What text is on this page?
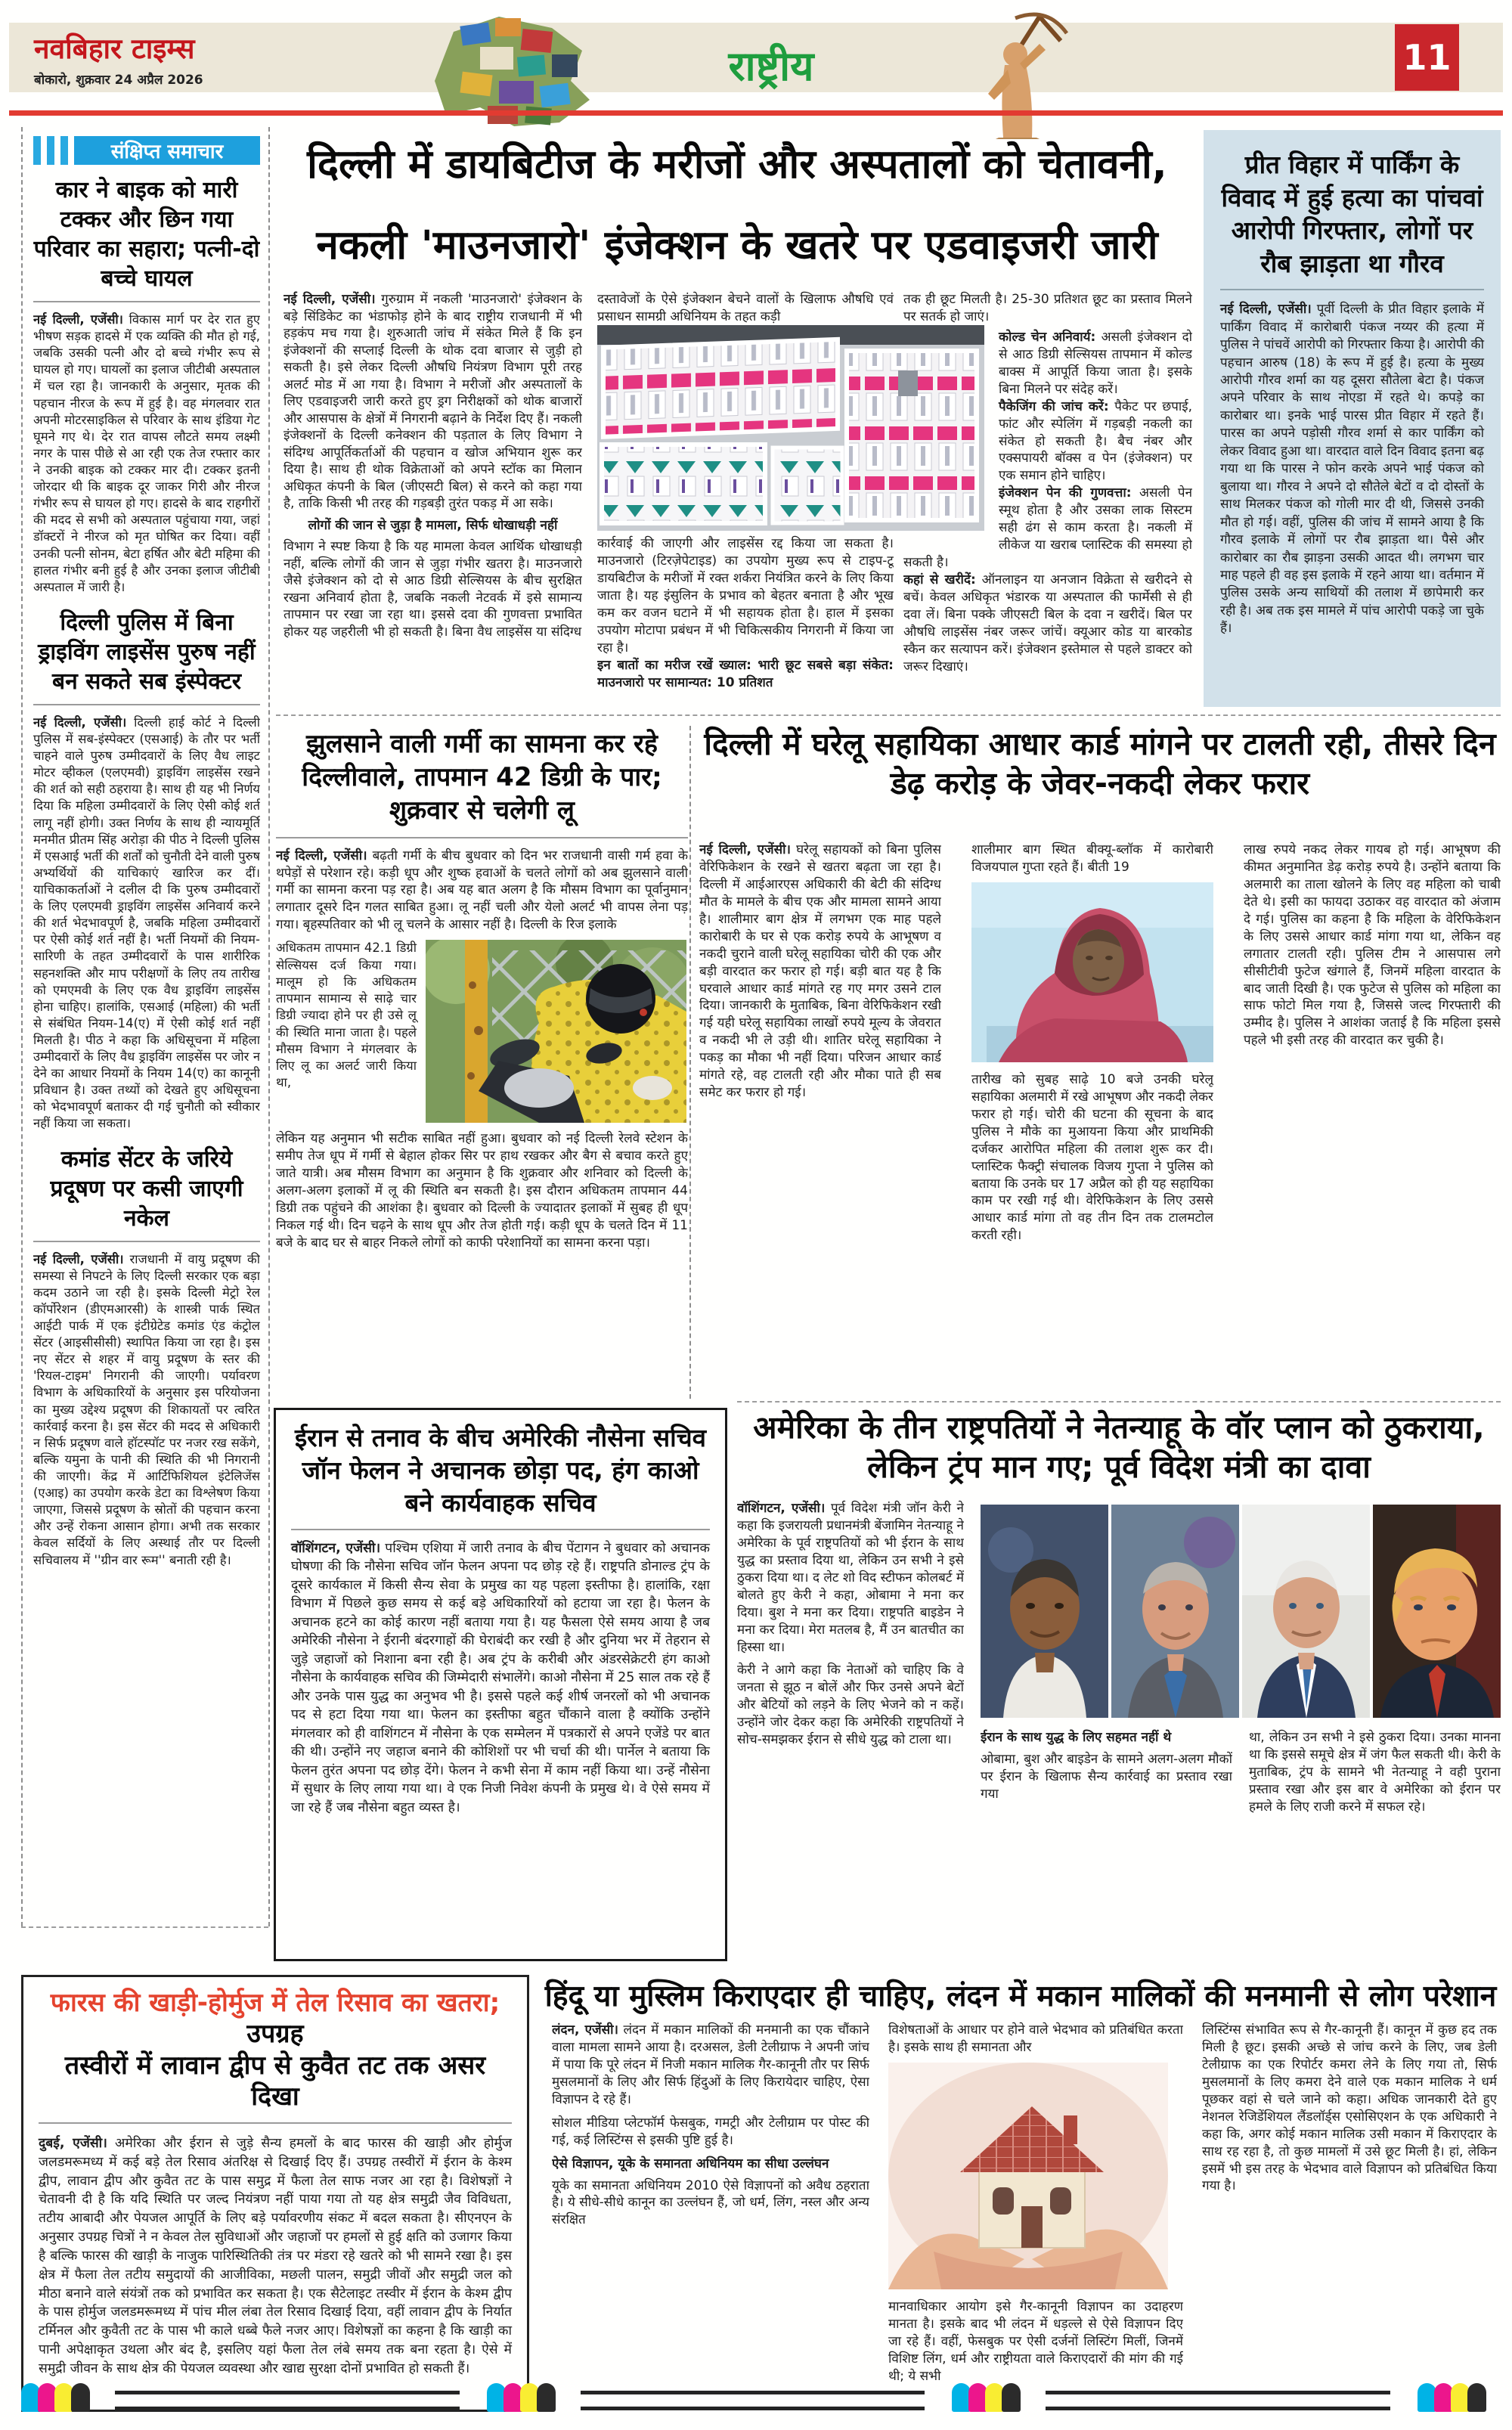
नवबिहार टाइम्स
बोकारो, शुक्रवार 24 अप्रैल 2026	राष्ट्रीय	11
संक्षिप्त समाचार
कार ने बाइक को मारी टक्कर और छिन गया परिवार का सहारा; पत्नी-दो बच्चे घायल

नई दिल्ली, एजेंसी। विकास मार्ग पर देर रात हुए भीषण सड़क हादसे में एक व्यक्ति की मौत हो गई, जबकि उसकी पत्नी और दो बच्चे गंभीर रूप से घायल हो गए। घायलों का इलाज जीटीबी अस्पताल में चल रहा है। जानकारी के अनुसार, मृतक की पहचान नीरज के रूप में हुई है। वह मंगलवार रात अपनी मोटरसाइकिल से परिवार के साथ इंडिया गेट घूमने गए थे। देर रात वापस लौटते समय लक्ष्मी नगर के पास पीछे से आ रही एक तेज रफ्तार कार ने उनकी बाइक को टक्कर मार दी। टक्कर इतनी जोरदार थी कि बाइक दूर जाकर गिरी और नीरज गंभीर रूप से घायल हो गए। हादसे के बाद राहगीरों की मदद से सभी को अस्पताल पहुंचाया गया, जहां डॉक्टरों ने नीरज को मृत घोषित कर दिया। वहीं उनकी पत्नी सोनम, बेटा हर्षित और बेटी महिमा की हालत गंभीर बनी हुई है और उनका इलाज जीटीबी अस्पताल में जारी है।

दिल्ली पुलिस में बिना ड्राइविंग लाइसेंस पुरुष नहीं बन सकते सब इंस्पेक्टर

नई दिल्ली, एजेंसी। दिल्ली हाई कोर्ट ने दिल्ली पुलिस में सब-इंस्पेक्टर (एसआई) के तौर पर भर्ती चाहने वाले पुरुष उम्मीदवारों के लिए वैध लाइट मोटर व्हीकल (एलएमवी) ड्राइविंग लाइसेंस रखने की शर्त को सही ठहराया है। साथ ही यह भी निर्णय दिया कि महिला उम्मीदवारों के लिए ऐसी कोई शर्त लागू नहीं होगी। उक्त निर्णय के साथ ही न्यायमूर्ति मनमीत प्रीतम सिंह अरोड़ा की पीठ ने दिल्ली पुलिस में एसआई भर्ती की शर्तों को चुनौती देने वाली पुरुष अभ्यर्थियों की याचिकाएं खारिज कर दीं। याचिकाकर्ताओं ने दलील दी कि पुरुष उम्मीदवारों के लिए एलएमवी ड्राइविंग लाइसेंस अनिवार्य करने की शर्त भेदभावपूर्ण है, जबकि महिला उम्मीदवारों पर ऐसी कोई शर्त नहीं है। भर्ती नियमों की नियम-सारिणी के तहत उम्मीदवारों के पास शारीरिक सहनशक्ति और माप परीक्षणों के लिए तय तारीख को एमएमवी के लिए एक वैध ड्राइविंग लाइसेंस होना चाहिए। हालांकि, एसआई (महिला) की भर्ती से संबंधित नियम-14(ए) में ऐसी कोई शर्त नहीं मिलती है। पीठ ने कहा कि अधिसूचना में महिला उम्मीदवारों के लिए वैध ड्राइविंग लाइसेंस पर जोर न देने का आधार नियमों के नियम 14(ए) का कानूनी प्रविधान है। उक्त तथ्यों को देखते हुए अधिसूचना को भेदभावपूर्ण बताकर दी गई चुनौती को स्वीकार नहीं किया जा सकता।

कमांड सेंटर के जरिये प्रदूषण पर कसी जाएगी नकेल

नई दिल्ली, एजेंसी। राजधानी में वायु प्रदूषण की समस्या से निपटने के लिए दिल्ली सरकार एक बड़ा कदम उठाने जा रही है। इसके दिल्ली मेट्रो रेल कॉर्पोरेशन (डीएमआरसी) के शास्त्री पार्क स्थित आईटी पार्क में एक इंटीग्रेटेड कमांड एंड कंट्रोल सेंटर (आइसीसीसी) स्थापित किया जा रहा है। इस नए सेंटर से शहर में वायु प्रदूषण के स्तर की 'रियल-टाइम' निगरानी की जाएगी। पर्यावरण विभाग के अधिकारियों के अनुसार इस परियोजना का मुख्य उद्देश्य प्रदूषण की शिकायतों पर त्वरित कार्रवाई करना है। इस सेंटर की मदद से अधिकारी न सिर्फ प्रदूषण वाले हॉटस्पॉट पर नजर रख सकेंगे, बल्कि यमुना के पानी की स्थिति की भी निगरानी की जाएगी। केंद्र में आर्टिफिशियल इंटेलिजेंस (एआइ) का उपयोग करके डेटा का विश्लेषण किया जाएगा, जिससे प्रदूषण के स्रोतों की पहचान करना और उन्हें रोकना आसान होगा। अभी तक सरकार केवल सर्दियों के लिए अस्थाई तौर पर दिल्ली सचिवालय में ''ग्रीन वार रूम'' बनाती रही है।

दिल्ली में डायबिटीज के मरीजों और अस्पतालों को चेतावनी,
नकली 'माउनजारो' इंजेक्शन के खतरे पर एडवाइजरी जारी

नई दिल्ली, एजेंसी। गुरुग्राम में नकली 'माउनजारो' इंजेक्शन के बड़े सिंडिकेट का भंडाफोड़ होने के बाद राष्ट्रीय राजधानी में भी हड़कंप मच गया है। शुरुआती जांच में संकेत मिले हैं कि इन इंजेक्शनों की सप्लाई दिल्ली के थोक दवा बाजार से जुड़ी हो सकती है। इसे लेकर दिल्ली औषधि नियंत्रण विभाग पूरी तरह अलर्ट मोड में आ गया है। विभाग ने मरीजों और अस्पतालों के लिए एडवाइजरी जारी करते हुए ड्रग निरीक्षकों को थोक बाजारों और आसपास के क्षेत्रों में निगरानी बढ़ाने के निर्देश दिए हैं। नकली इंजेक्शनों के दिल्ली कनेक्शन की पड़ताल के लिए विभाग ने संदिग्ध आपूर्तिकर्ताओं की पहचान व खोज अभियान शुरू कर दिया है। साथ ही थोक विक्रेताओं को अपने स्टॉक का मिलान अधिकृत कंपनी के बिल (जीएसटी बिल) से करने को कहा गया है, ताकि किसी भी तरह की गड़बड़ी तुरंत पकड़ में आ सके।

लोगों की जान से जुड़ा है मामला, सिर्फ धोखाधड़ी नहीं

विभाग ने स्पष्ट किया है कि यह मामला केवल आर्थिक धोखाधड़ी नहीं, बल्कि लोगों की जान से जुड़ा गंभीर खतरा है। माउनजारो जैसे इंजेक्शन को दो से आठ डिग्री सेल्सियस के बीच सुरक्षित रखना अनिवार्य होता है, जबकि नकली नेटवर्क में इसे सामान्य तापमान पर रखा जा रहा था। इससे दवा की गुणवत्ता प्रभावित होकर यह जहरीली भी हो सकती है। बिना वैध लाइसेंस या संदिग्ध

दस्तावेजों के ऐसे इंजेक्शन बेचने वालों के खिलाफ औषधि एवं प्रसाधन सामग्री अधिनियम के तहत कड़ी

कार्रवाई की जाएगी और लाइसेंस रद्द किया जा सकता है। माउनजारो (टिरज़ेपेटाइड) का उपयोग मुख्य रूप से टाइप-टू डायबिटीज के मरीजों में रक्त शर्करा नियंत्रित करने के लिए किया जाता है। यह इंसुलिन के प्रभाव को बेहतर बनाता है और भूख कम कर वजन घटाने में भी सहायक होता है। हाल में इसका उपयोग मोटापा प्रबंधन में भी चिकित्सकीय निगरानी में किया जा रहा है।

इन बातों का मरीज रखें ख्याल: भारी छूट सबसे बड़ा संकेत: माउनजारो पर सामान्यत: 10 प्रतिशत

तक ही छूट मिलती है। 25-30 प्रतिशत छूट का प्रस्ताव मिलने पर सतर्क हो जाएं।

कोल्ड चेन अनिवार्य: असली इंजेक्शन दो से आठ डिग्री सेल्सियस तापमान में कोल्ड बाक्स में आपूर्ति किया जाता है। इसके बिना मिलने पर संदेह करें।

पैकेजिंग की जांच करें: पैकेट पर छपाई, फांट और स्पेलिंग में गड़बड़ी नकली का संकेत हो सकती है। बैच नंबर और एक्सपायरी बॉक्स व पेन (इंजेक्शन) पर एक समान होने चाहिए।

इंजेक्शन पेन की गुणवत्ता: असली पेन स्मूथ होता है और उसका लाक सिस्टम सही ढंग से काम करता है। नकली में लीकेज या खराब प्लास्टिक की समस्या हो सकती है।

कहां से खरीदें: ऑनलाइन या अनजान विक्रेता से खरीदने से बचें। केवल अधिकृत भंडारक या अस्पताल की फार्मेसी से ही दवा लें। बिना पक्के जीएसटी बिल के दवा न खरीदें। बिल पर औषधि लाइसेंस नंबर जरूर जांचें। क्यूआर कोड या बारकोड स्कैन कर सत्यापन करें। इंजेक्शन इस्तेमाल से पहले डाक्टर को जरूर दिखाएं।

प्रीत विहार में पार्किंग के विवाद में हुई हत्या का पांचवां आरोपी गिरफ्तार, लोगों पर रौब झाड़ता था गौरव

नई दिल्ली, एजेंसी। पूर्वी दिल्ली के प्रीत विहार इलाके में पार्किंग विवाद में कारोबारी पंकज नय्यर की हत्या में पुलिस ने पांचवें आरोपी को गिरफ्तार किया है। आरोपी की पहचान आरुष (18) के रूप में हुई है। हत्या के मुख्य आरोपी गौरव शर्मा का यह दूसरा सौतेला बेटा है। पंकज अपने परिवार के साथ नोएडा में रहते थे। कपड़े का कारोबार था। इनके भाई पारस प्रीत विहार में रहते हैं। पारस का अपने पड़ोसी गौरव शर्मा से कार पार्किंग को लेकर विवाद हुआ था। वारदात वाले दिन विवाद इतना बढ़ गया था कि पारस ने फोन करके अपने भाई पंकज को बुलाया था। गौरव ने अपने दो सौतेले बेटों व दो दोस्तों के साथ मिलकर पंकज को गोली मार दी थी, जिससे उनकी मौत हो गई। वहीं, पुलिस की जांच में सामने आया है कि गौरव इलाके में लोगों पर रौब झाड़ता था। पैसे और कारोबार का रौब झाड़ना उसकी आदत थी। लगभग चार माह पहले ही वह इस इलाके में रहने आया था। वर्तमान में पुलिस उसके अन्य साथियों की तलाश में छापेमारी कर रही है। अब तक इस मामले में पांच आरोपी पकड़े जा चुके हैं।

झुलसाने वाली गर्मी का सामना कर रहे दिल्लीवाले, तापमान 42 डिग्री के पार; शुक्रवार से चलेगी लू

नई दिल्ली, एजेंसी। बढ़ती गर्मी के बीच बुधवार को दिन भर राजधानी वासी गर्म हवा के थपेड़ों से परेशान रहे। कड़ी धूप और शुष्क हवाओं के चलते लोगों को अब झुलसाने वाली गर्मी का सामना करना पड़ रहा है। अब यह बात अलग है कि मौसम विभाग का पूर्वानुमान लगातार दूसरे दिन गलत साबित हुआ। लू नहीं चली और येलो अलर्ट भी वापस लेना पड़ गया। बृहस्पतिवार को भी लू चलने के आसार नहीं है। दिल्ली के रिज इलाके

अधिकतम तापमान 42.1 डिग्री सेल्सियस दर्ज किया गया। मालूम हो कि अधिकतम तापमान सामान्य से साढ़े चार डिग्री ज्यादा होने पर ही उसे लू की स्थिति माना जाता है। पहले मौसम विभाग ने मंगलवार के लिए लू का अलर्ट जारी किया था,

लेकिन यह अनुमान भी सटीक साबित नहीं हुआ। बुधवार को नई दिल्ली रेलवे स्टेशन के समीप तेज धूप में गर्मी से बेहाल होकर सिर पर हाथ रखकर और बैग से बचाव करते हुए जाते यात्री। अब मौसम विभाग का अनुमान है कि शुक्रवार और शनिवार को दिल्ली के अलग-अलग इलाकों में लू की स्थिति बन सकती है। इस दौरान अधिकतम तापमान 44 डिग्री तक पहुंचने की आशंका है। बुधवार को दिल्ली के ज्यादातर इलाकों में सुबह ही धूप निकल गई थी। दिन चढ़ने के साथ धूप और तेज होती गई। कड़ी धूप के चलते दिन में 11 बजे के बाद घर से बाहर निकले लोगों को काफी परेशानियों का सामना करना पड़ा।

दिल्ली में घरेलू सहायिका आधार कार्ड मांगने पर टालती रही, तीसरे दिन डेढ़ करोड़ के जेवर-नकदी लेकर फरार

नई दिल्ली, एजेंसी। घरेलू सहायकों को बिना पुलिस वेरिफिकेशन के रखने से खतरा बढ़ता जा रहा है। दिल्ली में आईआरएस अधिकारी की बेटी की संदिग्ध मौत के मामले के बीच एक और मामला सामने आया है। शालीमार बाग क्षेत्र में लगभग एक माह पहले कारोबारी के घर से एक करोड़ रुपये के आभूषण व नकदी चुराने वाली घरेलू सहायिका चोरी की एक और बड़ी वारदात कर फरार हो गई। बड़ी बात यह है कि घरवाले आधार कार्ड मांगते रह गए मगर उसने टाल दिया। जानकारी के मुताबिक, बिना वेरिफिकेशन रखी गई यही घरेलू सहायिका लाखों रुपये मूल्य के जेवरात व नकदी भी ले उड़ी थी। शातिर घरेलू सहायिका ने पकड़ का मौका भी नहीं दिया। परिजन आधार कार्ड मांगते रहे, वह टालती रही और मौका पाते ही सब समेट कर फरार हो गई।

शालीमार बाग स्थित बीक्यू-ब्लॉक में कारोबारी विजयपाल गुप्ता रहते हैं। बीती 19

तारीख को सुबह साढ़े 10 बजे उनकी घरेलू सहायिका अलमारी में रखे आभूषण और नकदी लेकर फरार हो गई। चोरी की घटना की सूचना के बाद पुलिस ने मौके का मुआयना किया और प्राथमिकी दर्जकर आरोपित महिला की तलाश शुरू कर दी। प्लास्टिक फैक्ट्री संचालक विजय गुप्ता ने पुलिस को बताया कि उनके घर 17 अप्रैल को ही यह सहायिका काम पर रखी गई थी। वेरिफिकेशन के लिए उससे आधार कार्ड मांगा तो वह तीन दिन तक टालमटोल करती रही।

लाख रुपये नकद लेकर गायब हो गई। आभूषण की कीमत अनुमानित डेढ़ करोड़ रुपये है। उन्होंने बताया कि अलमारी का ताला खोलने के लिए वह महिला को चाबी देते थे। इसी का फायदा उठाकर वह वारदात को अंजाम दे गई। पुलिस का कहना है कि महिला के वेरिफिकेशन के लिए उससे आधार कार्ड मांगा गया था, लेकिन वह लगातार टालती रही। पुलिस टीम ने आसपास लगे सीसीटीवी फुटेज खंगाले हैं, जिनमें महिला वारदात के बाद जाती दिखी है। एक फुटेज से पुलिस को महिला का साफ फोटो मिल गया है, जिससे जल्द गिरफ्तारी की उम्मीद है। पुलिस ने आशंका जताई है कि महिला इससे पहले भी इसी तरह की वारदात कर चुकी है।

ईरान से तनाव के बीच अमेरिकी नौसेना सचिव जॉन फेलन ने अचानक छोड़ा पद, हंग काओ बने कार्यवाहक सचिव

वॉशिंगटन, एजेंसी। पश्चिम एशिया में जारी तनाव के बीच पेंटागन ने बुधवार को अचानक घोषणा की कि नौसेना सचिव जॉन फेलन अपना पद छोड़ रहे हैं। राष्ट्रपति डोनाल्ड ट्रंप के दूसरे कार्यकाल में किसी सैन्य सेवा के प्रमुख का यह पहला इस्तीफा है। हालांकि, रक्षा विभाग में पिछले कुछ समय से कई बड़े अधिकारियों को हटाया जा रहा है। फेलन के अचानक हटने का कोई कारण नहीं बताया गया है। यह फैसला ऐसे समय आया है जब अमेरिकी नौसेना ने ईरानी बंदरगाहों की घेराबंदी कर रखी है और दुनिया भर में तेहरान से जुड़े जहाजों को निशाना बना रही है। अब ट्रंप के करीबी और अंडरसेक्रेटरी हंग काओ नौसेना के कार्यवाहक सचिव की जिम्मेदारी संभालेंगे। काओ नौसेना में 25 साल तक रहे हैं और उनके पास युद्ध का अनुभव भी है। इससे पहले कई शीर्ष जनरलों को भी अचानक पद से हटा दिया गया था। फेलन का इस्तीफा बहुत चौंकाने वाला है क्योंकि उन्होंने मंगलवार को ही वाशिंगटन में नौसेना के एक सम्मेलन में पत्रकारों से अपने एजेंडे पर बात की थी। उन्होंने नए जहाज बनाने की कोशिशों पर भी चर्चा की थी। पार्नेल ने बताया कि फेलन तुरंत अपना पद छोड़ देंगे। फेलन ने कभी सेना में काम नहीं किया था। उन्हें नौसेना में सुधार के लिए लाया गया था। वे एक निजी निवेश कंपनी के प्रमुख थे। वे ऐसे समय में जा रहे हैं जब नौसेना बहुत व्यस्त है।

अमेरिका के तीन राष्ट्रपतियों ने नेतन्याहू के वॉर प्लान को ठुकराया, लेकिन ट्रंप मान गए; पूर्व विदेश मंत्री का दावा

वॉशिंगटन, एजेंसी। पूर्व विदेश मंत्री जॉन केरी ने कहा कि इजरायली प्रधानमंत्री बेंजामिन नेतन्याहू ने अमेरिका के पूर्व राष्ट्रपतियों को भी ईरान के साथ युद्ध का प्रस्ताव दिया था, लेकिन उन सभी ने इसे ठुकरा दिया था। द लेट शो विद स्टीफन कोलबर्ट में बोलते हुए केरी ने कहा, ओबामा ने मना कर दिया। बुश ने मना कर दिया। राष्ट्रपति बाइडेन ने मना कर दिया। मेरा मतलब है, मैं उन बातचीत का हिस्सा था।

केरी ने आगे कहा कि नेताओं को चाहिए कि वे जनता से झूठ न बोलें और फिर उनसे अपने बेटों और बेटियों को लड़ने के लिए भेजने को न कहें। उन्होंने जोर देकर कहा कि अमेरिकी राष्ट्रपतियों ने सोच-समझकर ईरान से सीधे युद्ध को टाला था।	ईरान के साथ युद्ध के लिए सहमत नहीं थे

ओबामा, बुश और बाइडेन के सामने अलग-अलग मौकों पर ईरान के खिलाफ सैन्य कार्रवाई का प्रस्ताव रखा गया

था, लेकिन उन सभी ने इसे ठुकरा दिया। उनका मानना था कि इससे समूचे क्षेत्र में जंग फैल सकती थी। केरी के मुताबिक, ट्रंप के सामने भी नेतन्याहू ने वही पुराना प्रस्ताव रखा और इस बार वे अमेरिका को ईरान पर हमले के लिए राजी करने में सफल रहे।

फारस की खाड़ी-होर्मुज में तेल रिसाव का खतरा; उपग्रह
तस्वीरों में लावान द्वीप से कुवैत तट तक असर दिखा

दुबई, एजेंसी। अमेरिका और ईरान से जुड़े सैन्य हमलों के बाद फारस की खाड़ी और होर्मुज जलडमरूमध्य में कई बड़े तेल रिसाव अंतरिक्ष से दिखाई दिए हैं। उपग्रह तस्वीरों में ईरान के केश्म द्वीप, लावान द्वीप और कुवैत तट के पास समुद्र में फैला तेल साफ नजर आ रहा है। विशेषज्ञों ने चेतावनी दी है कि यदि स्थिति पर जल्द नियंत्रण नहीं पाया गया तो यह क्षेत्र समुद्री जैव विविधता, तटीय आबादी और पेयजल आपूर्ति के लिए बड़े पर्यावरणीय संकट में बदल सकता है। सीएनएन के अनुसार उपग्रह चित्रों ने न केवल तेल सुविधाओं और जहाजों पर हमलों से हुई क्षति को उजागर किया है बल्कि फारस की खाड़ी के नाजुक पारिस्थितिकी तंत्र पर मंडरा रहे खतरे को भी सामने रखा है। इस क्षेत्र में फैला तेल तटीय समुदायों की आजीविका, मछली पालन, समुद्री जीवों और समुद्री जल को मीठा बनाने वाले संयंत्रों तक को प्रभावित कर सकता है। एक सैटेलाइट तस्वीर में ईरान के केश्म द्वीप के पास होर्मुज जलडमरूमध्य में पांच मील लंबा तेल रिसाव दिखाई दिया, वहीं लावान द्वीप के निर्यात टर्मिनल और कुवैती तट के पास भी काले धब्बे फैले नजर आए। विशेषज्ञों का कहना है कि खाड़ी का पानी अपेक्षाकृत उथला और बंद है, इसलिए यहां फैला तेल लंबे समय तक बना रहता है। ऐसे में समुद्री जीवन के साथ क्षेत्र की पेयजल व्यवस्था और खाद्य सुरक्षा दोनों प्रभावित हो सकती हैं।

हिंदू या मुस्लिम किराएदार ही चाहिए, लंदन में मकान मालिकों की मनमानी से लोग परेशान

लंदन, एजेंसी। लंदन में मकान मालिकों की मनमानी का एक चौंकाने वाला मामला सामने आया है। दरअसल, डेली टेलीग्राफ ने अपनी जांच में पाया कि पूरे लंदन में निजी मकान मालिक गैर-कानूनी तौर पर सिर्फ मुसलमानों के लिए और सिर्फ हिंदुओं के लिए किरायेदार चाहिए, ऐसा विज्ञापन दे रहे हैं।

सोशल मीडिया प्लेटफॉर्म फेसबुक, गमट्री और टेलीग्राम पर पोस्ट की गई, कई लिस्टिंग्स से इसकी पुष्टि हुई है।

ऐसे विज्ञापन, यूके के समानता अधिनियम का सीधा उल्लंघन

यूके का समानता अधिनियम 2010 ऐसे विज्ञापनों को अवैध ठहराता है। ये सीधे-सीधे कानून का उल्लंघन हैं, जो धर्म, लिंग, नस्ल और अन्य संरक्षित

विशेषताओं के आधार पर होने वाले भेदभाव को प्रतिबंधित करता है। इसके साथ ही समानता और

मानवाधिकार आयोग इसे गैर-कानूनी विज्ञापन का उदाहरण मानता है। इसके बाद भी लंदन में धड़ल्ले से ऐसे विज्ञापन दिए जा रहे हैं। वहीं, फेसबुक पर ऐसी दर्जनों लिस्टिंग मिलीं, जिनमें विशिष्ट लिंग, धर्म और राष्ट्रीयता वाले किराएदारों की मांग की गई थी; ये सभी

लिस्टिंग्स संभावित रूप से गैर-कानूनी हैं। कानून में कुछ हद तक मिली है छूट। इसकी अच्छे से जांच करने के लिए, जब डेली टेलीग्राफ का एक रिपोर्टर कमरा लेने के लिए गया तो, सिर्फ मुसलमानों के लिए कमरा देने वाले एक मकान मालिक ने धर्म पूछकर वहां से चले जाने को कहा। अधिक जानकारी देते हुए नेशनल रेजिडेंशियल लैंडलॉर्ड्स एसोसिएशन के एक अधिकारी ने कहा कि, अगर कोई मकान मालिक उसी मकान में किराएदार के साथ रह रहा है, तो कुछ मामलों में उसे छूट मिली है। हां, लेकिन इसमें भी इस तरह के भेदभाव वाले विज्ञापन को प्रतिबंधित किया गया है।
